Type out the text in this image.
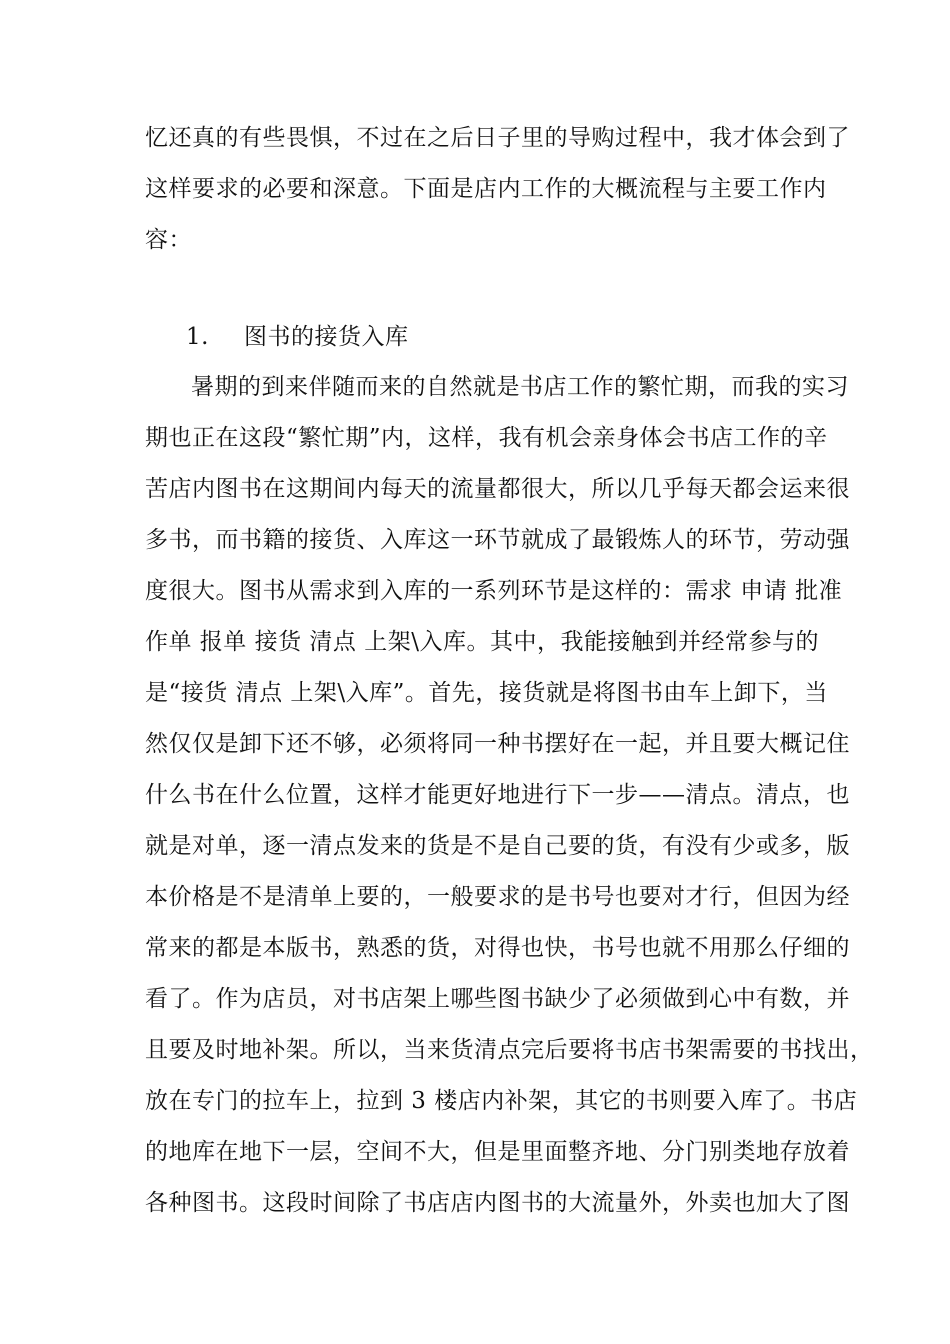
忆还真的有些畏惧，不过在之后日子里的导购过程中，我才体会到了
这样要求的必要和深意。下面是店内工作的大概流程与主要工作内
容：
1. 图书的接货入库
暑期的到来伴随而来的自然就是书店工作的繁忙期，而我的实习
期也正在这段“繁忙期”内，这样，我有机会亲身体会书店工作的辛
苦店内图书在这期间内每天的流量都很大，所以几乎每天都会运来很
多书，而书籍的接货、入库这一环节就成了最锻炼人的环节，劳动强
度很大。图书从需求到入库的一系列环节是这样的：需求 申请 批准
作单 报单 接货 清点 上架\入库。其中，我能接触到并经常参与的
是“接货 清点 上架\入库”。首先，接货就是将图书由车上卸下，当
然仅仅是卸下还不够，必须将同一种书摆好在一起，并且要大概记住
什么书在什么位置，这样才能更好地进行下一步——清点。清点，也
就是对单，逐一清点发来的货是不是自己要的货，有没有少或多，版
本价格是不是清单上要的，一般要求的是书号也要对才行，但因为经
常来的都是本版书，熟悉的货，对得也快，书号也就不用那么仔细的
看了。作为店员，对书店架上哪些图书缺少了必须做到心中有数，并
且要及时地补架。所以，当来货清点完后要将书店书架需要的书找出，
放在专门的拉车上，拉到 3 楼店内补架，其它的书则要入库了。书店
的地库在地下一层，空间不大，但是里面整齐地、分门别类地存放着
各种图书。这段时间除了书店店内图书的大流量外，外卖也加大了图
